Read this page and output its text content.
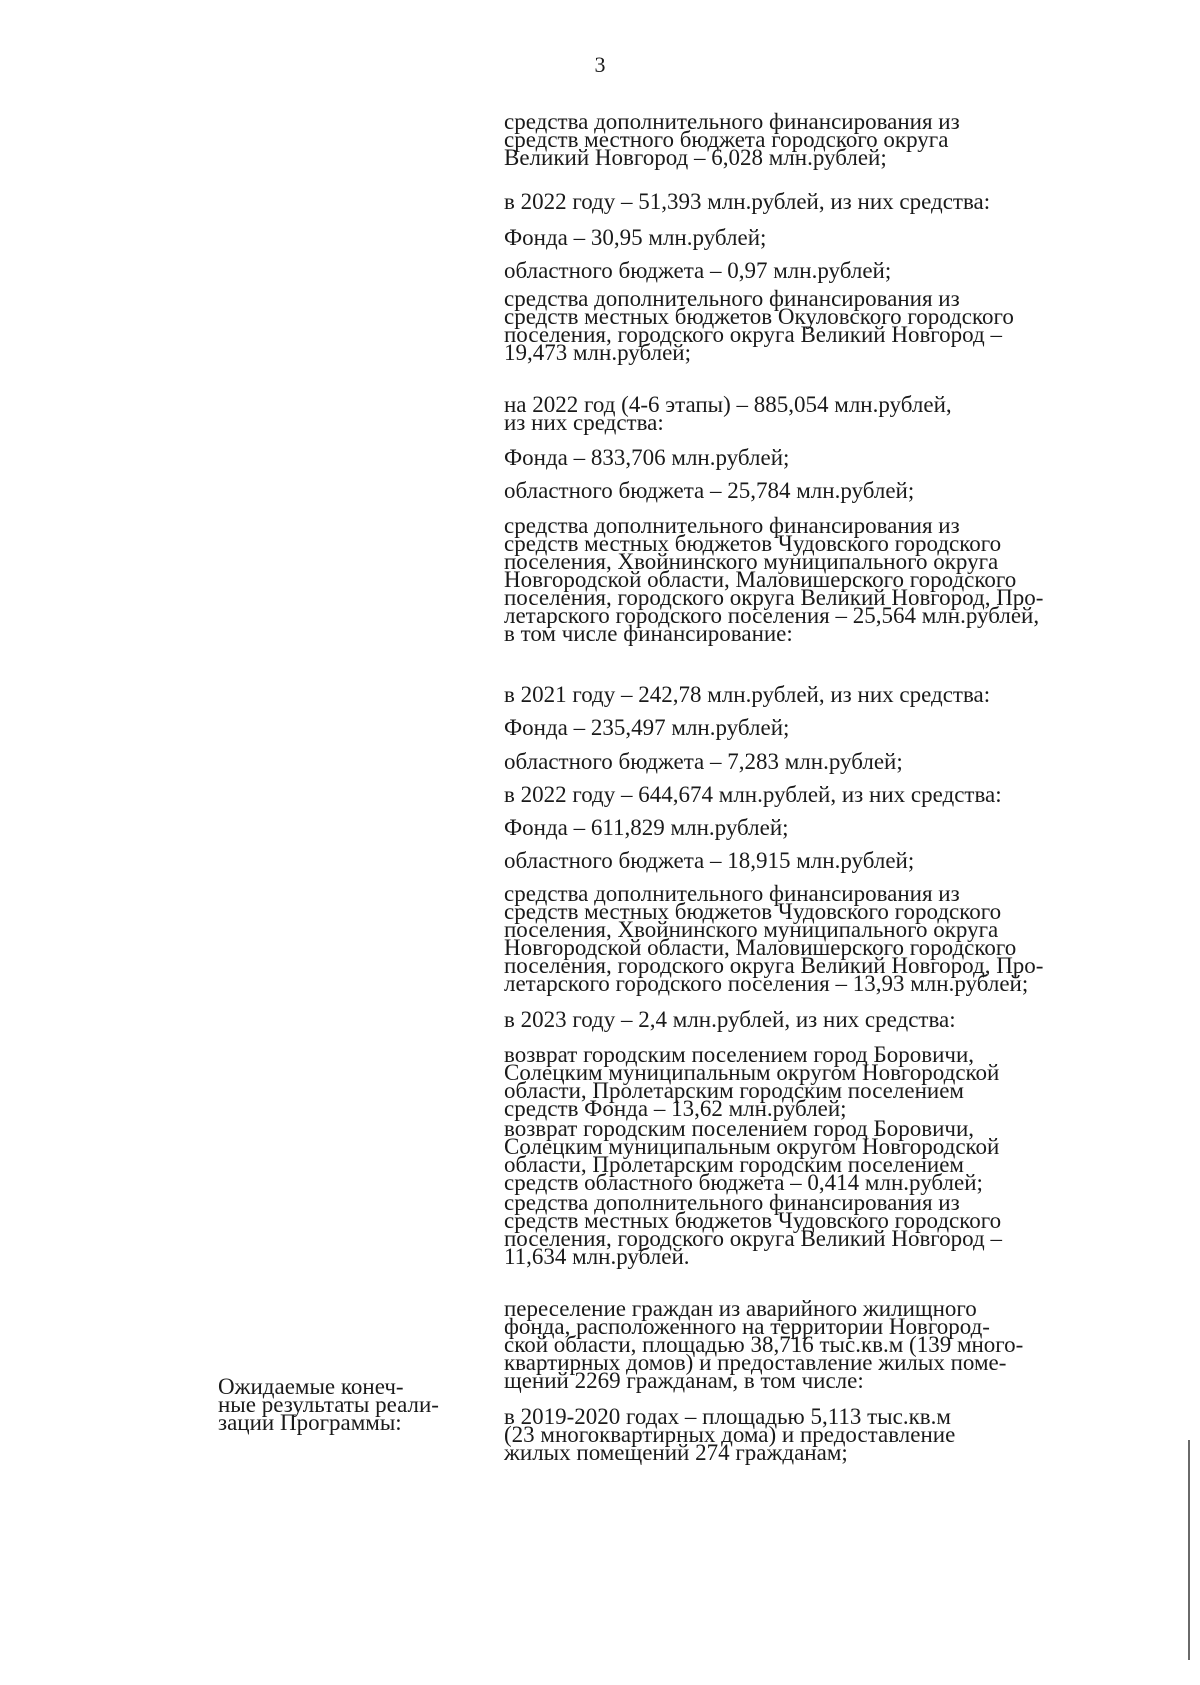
3

средства дополнительного финансирования из
средств местного бюджета городского округа
Великий Новгород – 6,028 млн.рублей;

в 2022 году – 51,393 млн.рублей, из них средства:

Фонда – 30,95 млн.рублей;

областного бюджета – 0,97 млн.рублей;

средства дополнительного финансирования из
средств местных бюджетов Окуловского городского
поселения, городского округа Великий Новгород –
19,473 млн.рублей;

на 2022 год (4-6 этапы) – 885,054 млн.рублей,
из них средства:

Фонда – 833,706 млн.рублей;

областного бюджета – 25,784 млн.рублей;

средства дополнительного финансирования из
средств местных бюджетов Чудовского городского
поселения, Хвойнинского муниципального округа
Новгородской области, Маловишерского городского
поселения, городского округа Великий Новгород, Про-
летарского городского поселения – 25,564 млн.рублей,
в том числе финансирование:

в 2021 году – 242,78 млн.рублей, из них средства:

Фонда – 235,497 млн.рублей;

областного бюджета – 7,283 млн.рублей;

в 2022 году – 644,674 млн.рублей, из них средства:

Фонда – 611,829 млн.рублей;

областного бюджета – 18,915 млн.рублей;

средства дополнительного финансирования из
средств местных бюджетов Чудовского городского
поселения, Хвойнинского муниципального округа
Новгородской области, Маловишерского городского
поселения, городского округа Великий Новгород, Про-
летарского городского поселения – 13,93 млн.рублей;

в 2023 году – 2,4 млн.рублей, из них средства:

возврат городским поселением город Боровичи,
Солецким муниципальным округом Новгородской
области, Пролетарским городским поселением
средств Фонда – 13,62 млн.рублей;

возврат городским поселением город Боровичи,
Солецким муниципальным округом Новгородской
области, Пролетарским городским поселением
средств областного бюджета – 0,414 млн.рублей;

средства дополнительного финансирования из
средств местных бюджетов Чудовского городского
поселения, городского округа Великий Новгород –
11,634 млн.рублей.

переселение граждан из аварийного жилищного
фонда, расположенного на территории Новгород-
ской области, площадью 38,716 тыс.кв.м (139 много-
квартирных домов) и предоставление жилых поме-
щений 2269 гражданам, в том числе:

в 2019-2020 годах – площадью 5,113 тыс.кв.м
(23 многоквартирных дома) и предоставление
жилых помещений 274 гражданам;

Ожидаемые конеч-
ные результаты реали-
зации Программы:
